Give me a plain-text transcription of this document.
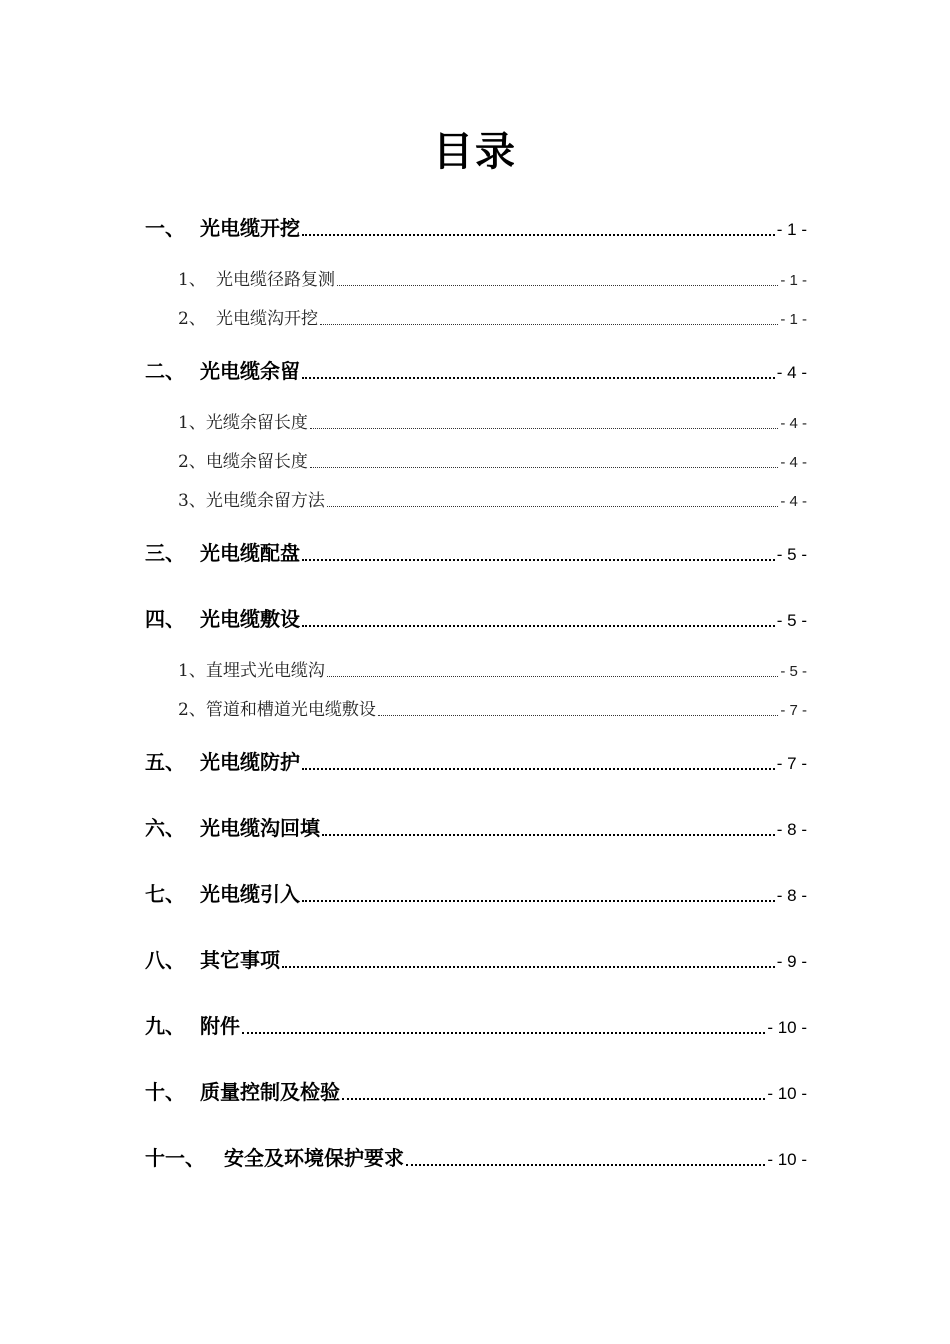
目录
一、 光电缆开挖	- 1 -
1、 光电缆径路复测	- 1 -
2、 光电缆沟开挖	- 1 -
二、 光电缆余留	- 4 -
1、 光缆余留长度	- 4 -
2、 电缆余留长度	- 4 -
3、 光电缆余留方法	- 4 -
三、 光电缆配盘	- 5 -
四、 光电缆敷设	- 5 -
1、 直埋式光电缆沟	- 5 -
2、 管道和槽道光电缆敷设	- 7 -
五、 光电缆防护	- 7 -
六、 光电缆沟回填	- 8 -
七、 光电缆引入	- 8 -
八、 其它事项	- 9 -
九、 附件	- 10 -
十、 质量控制及检验	- 10 -
十一、 安全及环境保护要求	- 10 -
